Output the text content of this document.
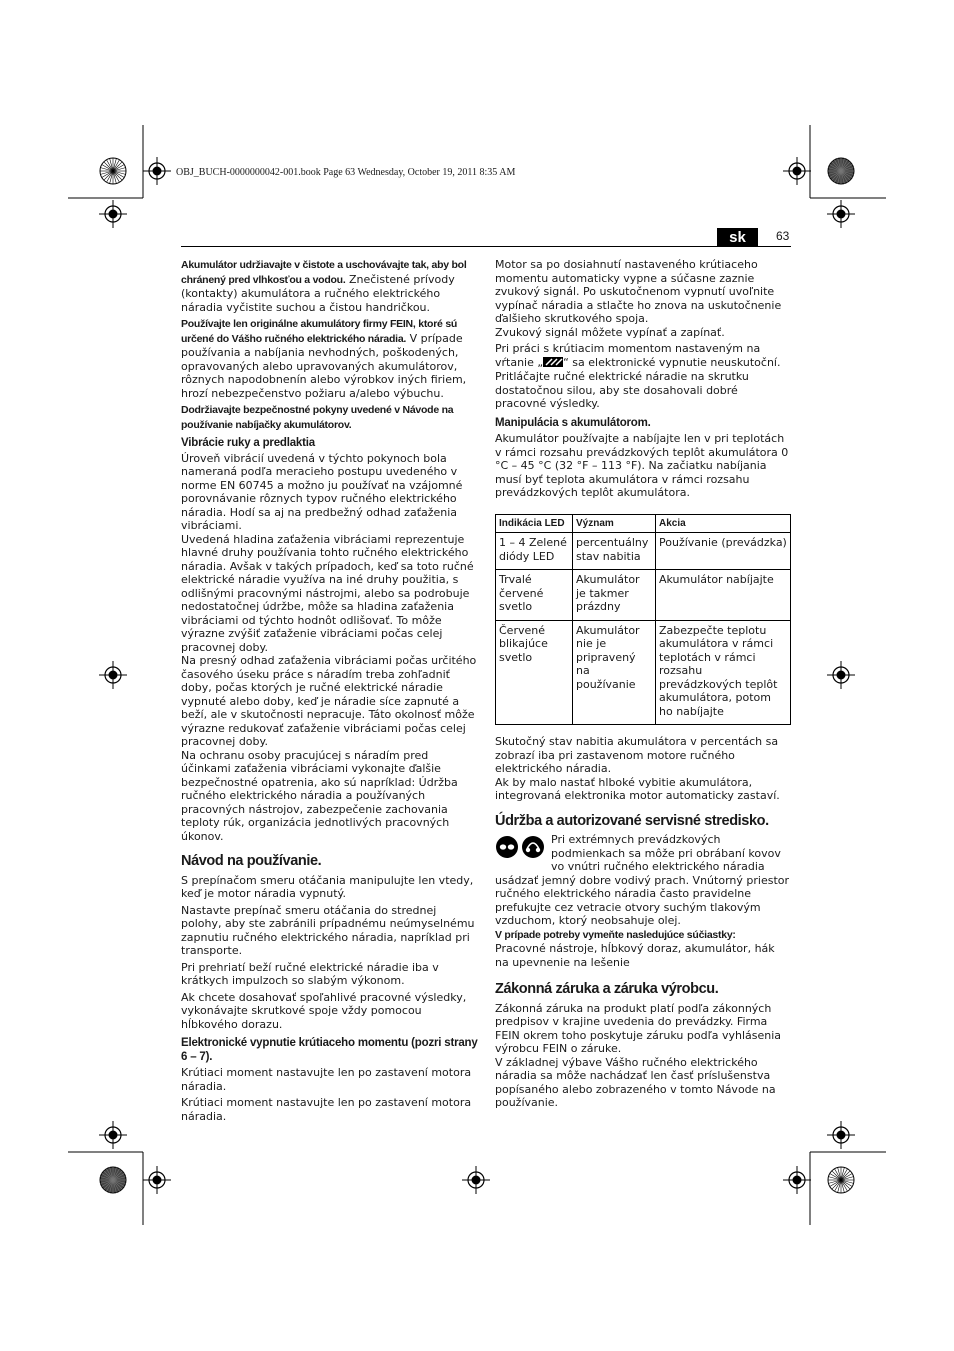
OBJ_BUCH-0000000042-001.book Page 63 Wednesday, October 19, 2011 8:35 AM
sk	63

Akumulátor udržiavajte v čistote a uschovávajte tak, aby bol chránený pred vlhkosťou a vodou. Znečistené prívody (kontakty) akumulátora a ručného elektrického náradia vyčistite suchou a čistou handričkou.

Používajte len originálne akumulátory firmy FEIN, ktoré sú určené do Vášho ručného elektrického náradia. V prípade používania a nabíjania nevhodných, poškodených, opravovaných alebo upravovaných akumulátorov, rôznych napodobnenín alebo výrobkov iných firiem, hrozí nebezpečenstvo požiaru a/alebo výbuchu.

Dodržiavajte bezpečnostné pokyny uvedené v Návode na používanie nabíjačky akumulátorov.

Vibrácie ruky a predlaktia

Úroveň vibrácií uvedená v týchto pokynoch bola nameraná podľa meracieho postupu uvedeného v norme EN 60745 a možno ju používať na vzájomné porovnávanie rôznych typov ručného elektrického náradia. Hodí sa aj na predbežný odhad zaťaženia vibráciami.

Uvedená hladina zaťaženia vibráciami reprezentuje hlavné druhy používania tohto ručného elektrického náradia. Avšak v takých prípadoch, keď sa toto ručné elektrické náradie využíva na iné druhy použitia, s odlišnými pracovnými nástrojmi, alebo sa podrobuje nedostatočnej údržbe, môže sa hladina zaťaženia vibráciami od týchto hodnôt odlišovať. To môže výrazne zvýšiť zaťaženie vibráciami počas celej pracovnej doby.

Na presný odhad zaťaženia vibráciami počas určitého časového úseku práce s náradím treba zohľadniť doby, počas ktorých je ručné elektrické náradie vypnuté alebo doby, keď je náradie síce zapnuté a beží, ale v skutočnosti nepracuje. Táto okolnosť môže výrazne redukovať zaťaženie vibráciami počas celej pracovnej doby.

Na ochranu osoby pracujúcej s náradím pred účinkami zaťaženia vibráciami vykonajte ďalšie bezpečnostné opatrenia, ako sú napríklad: Údržba ručného elektrického náradia a používaných pracovných nástrojov, zabezpečenie zachovania teploty rúk, organizácia jednotlivých pracovných úkonov.

Návod na používanie.

S prepínačom smeru otáčania manipulujte len vtedy, keď je motor náradia vypnutý.

Nastavte prepínač smeru otáčania do strednej polohy, aby ste zabránili prípadnému neúmyselnému zapnutiu ručného elektrického náradia, napríklad pri transporte.

Pri prehriatí beží ručné elektrické náradie iba v krátkych impulzoch so slabým výkonom.

Ak chcete dosahovať spoľahlivé pracovné výsledky, vykonávajte skrutkové spoje vždy pomocou hĺbkového dorazu.

Elektronické vypnutie krútiaceho momentu (pozri strany 6 – 7).

Krútiaci moment nastavujte len po zastavení motora náradia.

Krútiaci moment nastavujte len po zastavení motora náradia.

Motor sa po dosiahnutí nastaveného krútiaceho momentu automaticky vypne a súčasne zaznie zvukový signál. Po uskutočnenom vypnutí uvoľnite vypínač náradia a stlačte ho znova na uskutočnenie ďalšieho skrutkového spoja.

Zvukový signál môžete vypínať a zapínať.

Pri práci s krútiacim momentom nastaveným na vŕtanie „ “ sa elektronické vypnutie neuskutoční.

Pritláčajte ručné elektrické náradie na skrutku dostatočnou silou, aby ste dosahovali dobré pracovné výsledky.

Manipulácia s akumulátorom.

Akumulátor používajte a nabíjajte len v pri teplotách v rámci rozsahu prevádzkových teplôt akumulátora 0 °C – 45 °C (32 °F – 113 °F). Na začiatku nabíjania musí byť teplota akumulátora v rámci rozsahu prevádzkových teplôt akumulátora.

Indikácia LED	Význam	Akcia
1 – 4 Zelené diódy LED	percentuálny stav nabitia	Používanie (prevádzka)
Trvalé červené svetlo	Akumulátor je takmer prázdny	Akumulátor nabíjajte
Červené blikajúce svetlo	Akumulátor nie je pripravený na používanie	Zabezpečte teplotu akumulátora v rámci teplotách v rámci rozsahu prevádzkových teplôt akumulátora, potom ho nabíjajte

Skutočný stav nabitia akumulátora v percentách sa zobrazí iba pri zastavenom motore ručného elektrického náradia.

Ak by malo nastať hlboké vybitie akumulátora, integrovaná elektronika motor automaticky zastaví.

Údržba a autorizované servisné stredisko.

Pri extrémnych prevádzkových podmienkach sa môže pri obrábaní kovov vo vnútri ručného elektrického náradia usádzať jemný dobre vodivý prach. Vnútorný priestor ručného elektrického náradia často pravidelne prefukujte cez vetracie otvory suchým tlakovým vzduchom, ktorý neobsahuje olej.

V prípade potreby vymeňte nasledujúce súčiastky:

Pracovné nástroje, hĺbkový doraz, akumulátor, hák na upevnenie na lešenie

Zákonná záruka a záruka výrobcu.

Zákonná záruka na produkt platí podľa zákonných predpisov v krajine uvedenia do prevádzky. Firma FEIN okrem toho poskytuje záruku podľa vyhlásenia výrobcu FEIN o záruke.

V základnej výbave Vášho ručného elektrického náradia sa môže nachádzať len časť príslušenstva popísaného alebo zobrazeného v tomto Návode na používanie.
